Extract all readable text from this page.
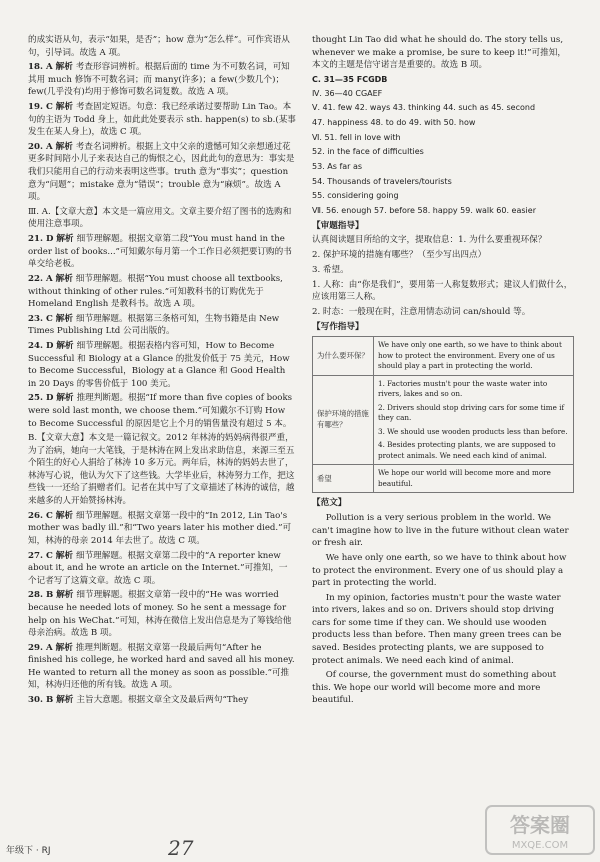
的成实语从句，表示“如果，是否”；how 意为“怎么样”。可作宾语从句，引导词。故选 A 项。

18. A 解析 考查形容词辨析。根据后面的 time 为不可数名词，可知其用 much 修饰不可数名词；而 many(许多)；a few(少数几个)；few(几乎没有)均用于修饰可数名词复数。故选 A 项。

19. C 解析 考查固定短语。句意：我已经承诺过要帮助 Lin Tao。本句的主语为 Todd 身上，如此此处要表示 sth. happen(s) to sb.(某事发生在某人身上)，故选 C 项。

20. A 解析 考查名词辨析。根据上文中父亲的遗憾可知父亲想通过花更多时间陪小儿子来表达自己的悔恨之心，因此此句的意思为：事实是我们只能用自己的行动来表明这些事。truth 意为“事实”；question 意为“问题”；mistake 意为“错误”；trouble 意为“麻烦”。故选 A 项。

Ⅲ. A.【文章大意】本文是一篇应用文。文章主要介绍了图书的选购和使用注意事项。

21. D 解析 细节理解题。根据文章第二段“You must hand in the order list of books...”可知戴尔每月第一个工作日必须把要订购的书单交给老板。

22. A 解析 细节理解题。根据“You must choose all textbooks, without thinking of other rules.”可知教科书的订购优先于 Homeland English 是教科书。故选 A 项。

23. C 解析 细节理解题。根据第三条格可知，生物书籍是由 New Times Publishing Ltd 公司出版的。

24. D 解析 细节理解题。根据表格内容可知，How to Become Successful 和 Biology at a Glance 的批发价低于 75 美元，How to Become Successful，Biology at a Glance 和 Good Health in 20 Days 的零售价低于 100 美元。

25. D 解析 推理判断题。根据“If more than five copies of books were sold last month, we choose them.”可知戴尔不订购 How to Become Successful 的原因是它上个月的销售量没有超过 5 本。

B.【文章大意】本文是一篇记叙文。2012 年林涛的妈妈病得很严重，为了治病，她向一大笔钱，于是林涛在网上发出求助信息，来源三至五个陌生的好心人捐给了林涛 10 多万元。两年后，林涛的妈妈去世了，林涛写心说，他认为欠下了这些钱。大学毕业后，林涛努力工作，把这些钱一一还给了捐赠者们。记者在其中写了文章描述了林涛的诚信，越来越多的人开始赞扬林涛。

26. C 解析 细节理解题。根据文章第一段中的“In 2012, Lin Tao's mother was badly ill.”和“Two years later his mother died.”可知，林涛的母亲 2014 年去世了。故选 C 项。

27. C 解析 细节理解题。根据文章第二段中的“A reporter knew about it, and he wrote an article on the Internet.”可推知，一个记者写了这篇文章。故选 C 项。

28. B 解析 细节理解题。根据文章第一段中的“He was worried because he needed lots of money. So he sent a message for help on his WeChat.”可知，林涛在微信上发出信息是为了筹钱给他母亲治病。故选 B 项。

29. A 解析 推理判断题。根据文章第一段最后两句“After he finished his college, he worked hard and saved all his money. He wanted to return all the money as soon as possible.”可推知，林涛归还他的所有钱。故选 A 项。

30. B 解析 主旨大意题。根据文章全文及最后两句“They

thought Lin Tao did what he should do. The story tells us, whenever we make a promise, be sure to keep it!”可推知，本文的主题是信守诺言是重要的。故选 B 项。

C. 31—35 FCGDB

Ⅳ. 36—40 CGAEF

Ⅴ. 41. few 42. ways 43. thinking 44. such as 45. second

47. happiness 48. to do 49. with 50. how

Ⅵ. 51. fell in love with

52. in the face of difficulties

53. As far as

54. Thousands of travelers/tourists

55. considering going

Ⅶ. 56. enough 57. before 58. happy 59. walk 60. easier

【审题指导】

认真阅读题目所给的文字，提取信息：1. 为什么要重视环保？

2. 保护环境的措施有哪些？（至少写出四点）

3. 希望。

1. 人称：由“你是我们”，要用第一人称复数形式；建议人们做什么，应该用第三人称。

2. 时态：一般现在时，注意用情态动词 can/should 等。

【写作指导】

为什么要环保？	We have only one earth, so we have to think about how to protect the environment. Every one of us should play a part in protecting the world.

保护环境的措施有哪些？	1. Factories mustn't pour the waste water into rivers, lakes and so on.
2. Drivers should stop driving cars for some time if they can.
3. We should use wooden products less than before.
4. Besides protecting plants, we are supposed to protect animals. We need each kind of animal.

希望	We hope our world will become more and more beautiful.

【范文】

Pollution is a very serious problem in the world. We can't imagine how to live in the future without clean water or fresh air.

We have only one earth, so we have to think about how to protect the environment. Every one of us should play a part in protecting the world.

In my opinion, factories mustn't pour the waste water into rivers, lakes and so on. Drivers should stop driving cars for some time if they can. We should use wooden products less than before. Then many green trees can be saved. Besides protecting plants, we are supposed to protect animals. We need each kind of animal.

Of course, the government must do something about this. We hope our world will become more and more beautiful.

年级下 · RJ	27
答案圈
MXQE.COM
